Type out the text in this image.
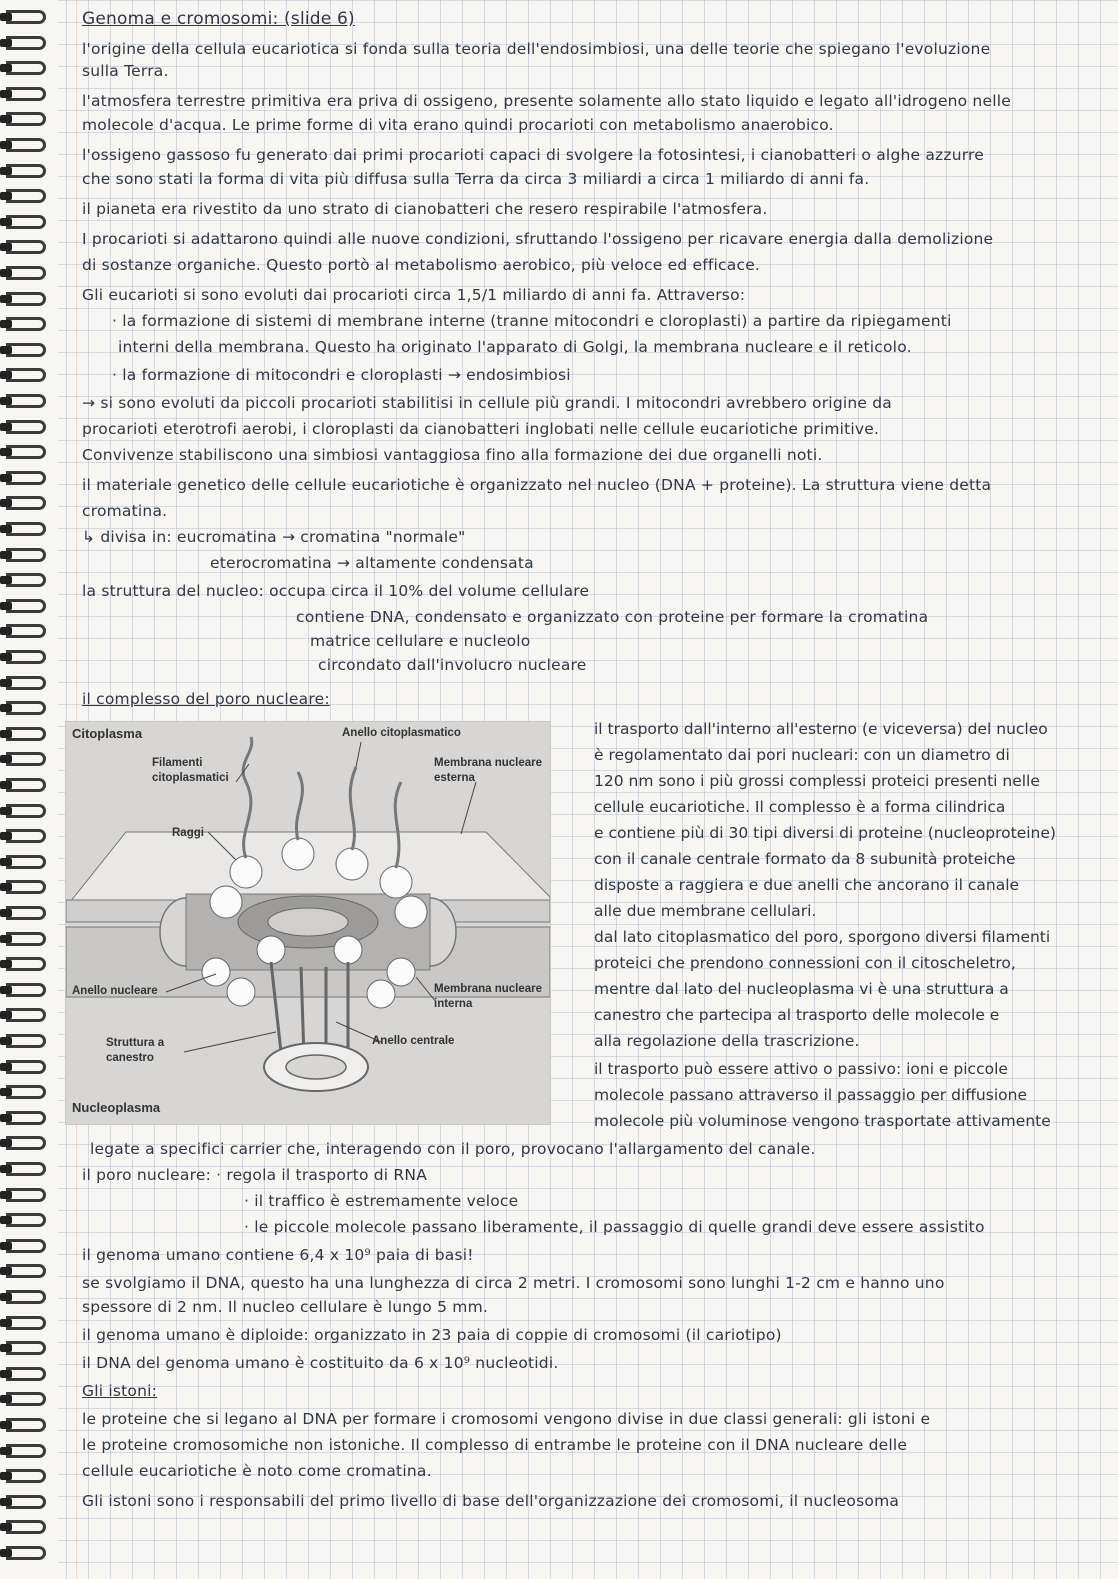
Genoma e cromosomi: (slide 6)
l'origine della cellula eucariotica si fonda sulla teoria dell'endosimbiosi, una delle teorie che spiegano l'evoluzione
sulla Terra.
l'atmosfera terrestre primitiva era priva di ossigeno, presente solamente allo stato liquido e legato all'idrogeno nelle
molecole d'acqua. Le prime forme di vita erano quindi procarioti con metabolismo anaerobico.
l'ossigeno gassoso fu generato dai primi procarioti capaci di svolgere la fotosintesi, i cianobatteri o alghe azzurre
che sono stati la forma di vita più diffusa sulla Terra da circa 3 miliardi a circa 1 miliardo di anni fa.
il pianeta era rivestito da uno strato di cianobatteri che resero respirabile l'atmosfera.
I procarioti si adattarono quindi alle nuove condizioni, sfruttando l'ossigeno per ricavare energia dalla demolizione
di sostanze organiche. Questo portò al metabolismo aerobico, più veloce ed efficace.
Gli eucarioti si sono evoluti dai procarioti circa 1,5/1 miliardo di anni fa. Attraverso:
· la formazione di sistemi di membrane interne (tranne mitocondri e cloroplasti) a partire da ripiegamenti
interni della membrana. Questo ha originato l'apparato di Golgi, la membrana nucleare e il reticolo.
· la formazione di mitocondri e cloroplasti → endosimbiosi
→ si sono evoluti da piccoli procarioti stabilitisi in cellule più grandi. I mitocondri avrebbero origine da
procarioti eterotrofi aerobi, i cloroplasti da cianobatteri inglobati nelle cellule eucariotiche primitive.
Convivenze stabiliscono una simbiosi vantaggiosa fino alla formazione dei due organelli noti.
il materiale genetico delle cellule eucariotiche è organizzato nel nucleo (DNA + proteine). La struttura viene detta
cromatina.
↳ divisa in: eucromatina → cromatina "normale"
eterocromatina → altamente condensata
la struttura del nucleo: occupa circa il 10% del volume cellulare
contiene DNA, condensato e organizzato con proteine per formare la cromatina
matrice cellulare e nucleolo
circondato dall'involucro nucleare
il complesso del poro nucleare:
il trasporto dall'interno all'esterno (e viceversa) del nucleo
è regolamentato dai pori nucleari: con un diametro di
120 nm sono i più grossi complessi proteici presenti nelle
cellule eucariotiche. Il complesso è a forma cilindrica
e contiene più di 30 tipi diversi di proteine (nucleoproteine)
con il canale centrale formato da 8 subunità proteiche
disposte a raggiera e due anelli che ancorano il canale
alle due membrane cellulari.
dal lato citoplasmatico del poro, sporgono diversi filamenti
proteici che prendono connessioni con il citoscheletro,
mentre dal lato del nucleoplasma vi è una struttura a
canestro che partecipa al trasporto delle molecole e
alla regolazione della trascrizione.
il trasporto può essere attivo o passivo: ioni e piccole
molecole passano attraverso il passaggio per diffusione
molecole più voluminose vengono trasportate attivamente
legate a specifici carrier che, interagendo con il poro, provocano l'allargamento del canale.
il poro nucleare: · regola il trasporto di RNA
· il traffico è estremamente veloce
· le piccole molecole passano liberamente, il passaggio di quelle grandi deve essere assistito
il genoma umano contiene 6,4 x 10⁹ paia di basi!
se svolgiamo il DNA, questo ha una lunghezza di circa 2 metri. I cromosomi sono lunghi 1-2 cm e hanno uno
spessore di 2 nm. Il nucleo cellulare è lungo 5 mm.
il genoma umano è diploide: organizzato in 23 paia di coppie di cromosomi (il cariotipo)
il DNA del genoma umano è costituito da 6 x 10⁹ nucleotidi.
Gli istoni:
le proteine che si legano al DNA per formare i cromosomi vengono divise in due classi generali: gli istoni e
le proteine cromosomiche non istoniche. Il complesso di entrambe le proteine con il DNA nucleare delle
cellule eucariotiche è noto come cromatina.
Gli istoni sono i responsabili del primo livello di base dell'organizzazione dei cromosomi, il nucleosoma
Citoplasma	Anello citoplasmatico
Filamenti citoplasmatici
Membrana nucleare esterna
Raggi
Anello nucleare	Membrana nucleare interna
Struttura a canestro
Anello centrale
Nucleoplasma
